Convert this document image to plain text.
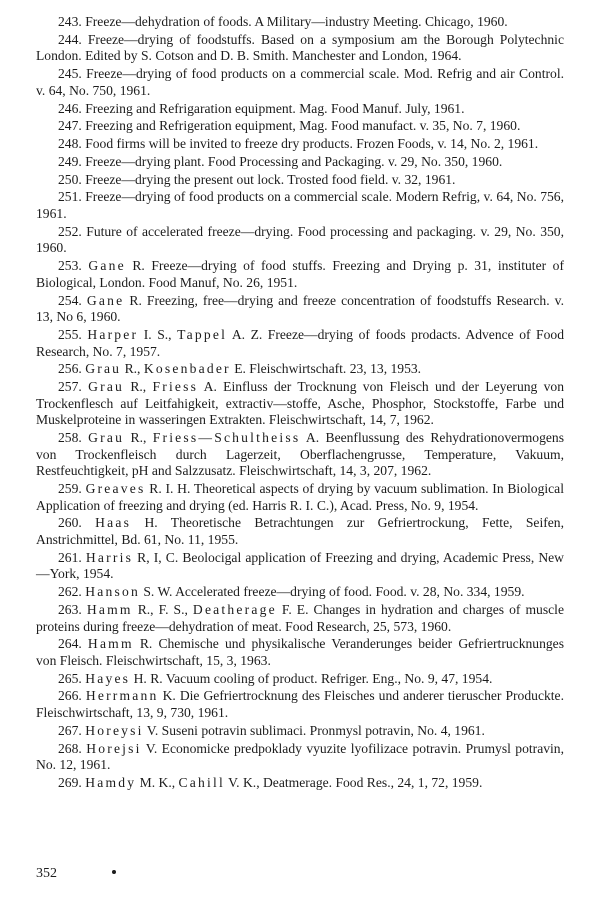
243. Freeze—dehydration of foods. A Military—industry Meeting. Chicago, 1960.

244. Freeze—drying of foodstuffs. Based on a symposium am the Borough Polytechnic London. Edited by S. Cotson and D. B. Smith. Manchester and London, 1964.

245. Freeze—drying of food products on a commercial scale. Mod. Refrig and air Control. v. 64, No. 750, 1961.

246. Freezing and Refrigaration equipment. Mag. Food Manuf. July, 1961.

247. Freezing and Refrigeration equipment, Mag. Food manufact. v. 35, No. 7, 1960.

248. Food firms will be invited to freeze dry products. Frozen Foods, v. 14, No. 2, 1961.

249. Freeze—drying plant. Food Processing and Packaging. v. 29, No. 350, 1960.

250. Freeze—drying the present out lock. Trosted food field. v. 32, 1961.

251. Freeze—drying of food products on a commercial scale. Modern Refrig, v. 64, No. 756, 1961.

252. Future of accelerated freeze—drying. Food processing and packaging. v. 29, No. 350, 1960.

253. Gane R. Freeze—drying of food stuffs. Freezing and Drying p. 31, instituter of Biological, London. Food Manuf, No. 26, 1951.

254. Gane R. Freezing, free—drying and freeze concentration of foodstuffs Research. v. 13, No 6, 1960.

255. Harper I. S., Tappel A. Z. Freeze—drying of foods prodacts. Advence of Food Research, No. 7, 1957.

256. Grau R., Kosenbader E. Fleischwirtschaft. 23, 13, 1953.

257. Grau R., Friess A. Einfluss der Trocknung von Fleisch und der Leyerung von Trockenflesch auf Leitfahigkeit, extractiv—stoffe, Asche, Phosphor, Stockstoffe, Farbe und Muskelproteine in wasseringen Extrakten. Fleischwirtschaft, 14, 7, 1962.

258. Grau R., Friess—Schultheiss A. Beenflussung des Rehydrationovermogens von Trockenfleisch durch Lagerzeit, Oberflachengrusse, Temperature, Vakuum, Restfeuchtigkeit, pH and Salzzusatz. Fleischwirtschaft, 14, 3, 207, 1962.

259. Greaves R. I. H. Theoretical aspects of drying by vacuum sublimation. In Biological Application of freezing and drying (ed. Harris R. I. C.), Acad. Press, No. 9, 1954.

260. Haas H. Theoretische Betrachtungen zur Gefriertrockung, Fette, Seifen, Anstrichmittel, Bd. 61, No. 11, 1955.

261. Harris R, I, C. Beolocigal application of Freezing and drying, Academic Press, New—York, 1954.

262. Hanson S. W. Accelerated freeze—drying of food. Food. v. 28, No. 334, 1959.

263. Hamm R., F. S., Deatherage F. E. Changes in hydration and charges of muscle proteins during freeze—dehydration of meat. Food Research, 25, 573, 1960.

264. Hamm R. Chemische und physikalische Veranderunges beider Gefriertrucknunges von Fleisch. Fleischwirtschaft, 15, 3, 1963.

265. Hayes H. R. Vacuum cooling of product. Refriger. Eng., No. 9, 47, 1954.

266. Herrmann K. Die Gefriertrocknung des Fleisches und anderer tieruscher Produckte. Fleischwirtschaft, 13, 9, 730, 1961.

267. Horeysi V. Suseni potravin sublimaci. Pronmysl potravin, No. 4, 1961.

268. Horejsi V. Economicke predpoklady vyuzite lyofilizace potravin. Prumysl potravin, No. 12, 1961.

269. Hamdy M. K., Cahill V. K., Deatmerage. Food Res., 24, 1, 72, 1959.

352
